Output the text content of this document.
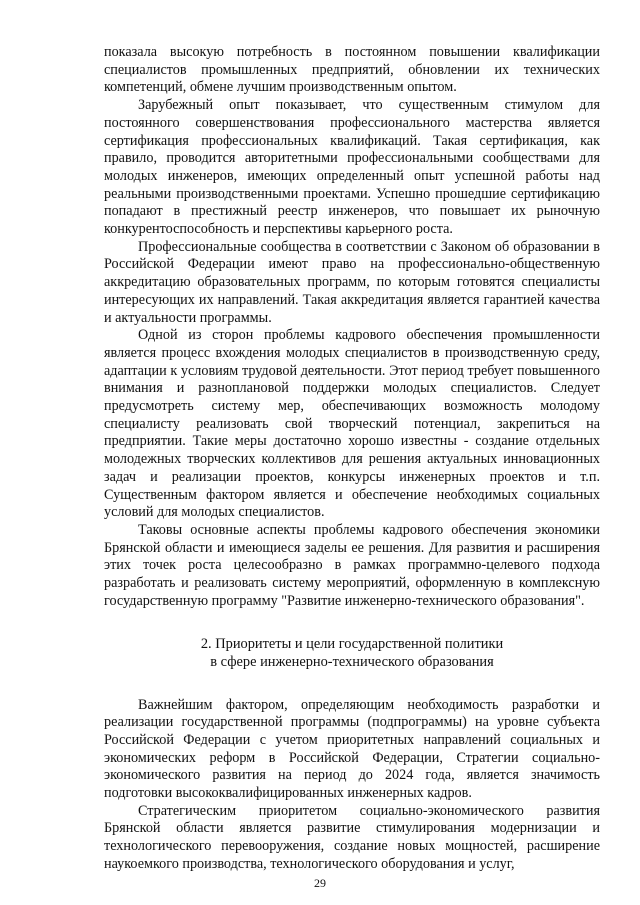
показала высокую потребность в постоянном повышении квалификации специалистов промышленных предприятий, обновлении их технических компетенций, обмене лучшим производственным опытом.

Зарубежный опыт показывает, что существенным стимулом для постоянного совершенствования профессионального мастерства является сертификация профессиональных квалификаций. Такая сертификация, как правило, проводится авторитетными профессиональными сообществами для молодых инженеров, имеющих определенный опыт успешной работы над реальными производственными проектами. Успешно прошедшие сертификацию попадают в престижный реестр инженеров, что повышает их рыночную конкурентоспособность и перспективы карьерного роста.

Профессиональные сообщества в соответствии с Законом об образовании в Российской Федерации имеют право на профессионально-общественную аккредитацию образовательных программ, по которым готовятся специалисты интересующих их направлений. Такая аккредитация является гарантией качества и актуальности программы.

Одной из сторон проблемы кадрового обеспечения промышленности является процесс вхождения молодых специалистов в производственную среду, адаптации к условиям трудовой деятельности. Этот период требует повышенного внимания и разноплановой поддержки молодых специалистов. Следует предусмотреть систему мер, обеспечивающих возможность молодому специалисту реализовать свой творческий потенциал, закрепиться на предприятии. Такие меры достаточно хорошо известны - создание отдельных молодежных творческих коллективов для решения актуальных инновационных задач и реализации проектов, конкурсы инженерных проектов и т.п. Существенным фактором является и обеспечение необходимых социальных условий для молодых специалистов.

Таковы основные аспекты проблемы кадрового обеспечения экономики Брянской области и имеющиеся заделы ее решения. Для развития и расширения этих точек роста целесообразно в рамках программно-целевого подхода разработать и реализовать систему мероприятий, оформленную в комплексную государственную программу "Развитие инженерно-технического образования".

2. Приоритеты и цели государственной политики
в сфере инженерно-технического образования

Важнейшим фактором, определяющим необходимость разработки и реализации государственной программы (подпрограммы) на уровне субъекта Российской Федерации с учетом приоритетных направлений социальных и экономических реформ в Российской Федерации, Стратегии социально-экономического развития на период до 2024 года, является значимость подготовки высококвалифицированных инженерных кадров.

Стратегическим приоритетом социально-экономического развития Брянской области является развитие стимулирования модернизации и технологического перевооружения, создание новых мощностей, расширение наукоемкого производства, технологического оборудования и услуг,

29
